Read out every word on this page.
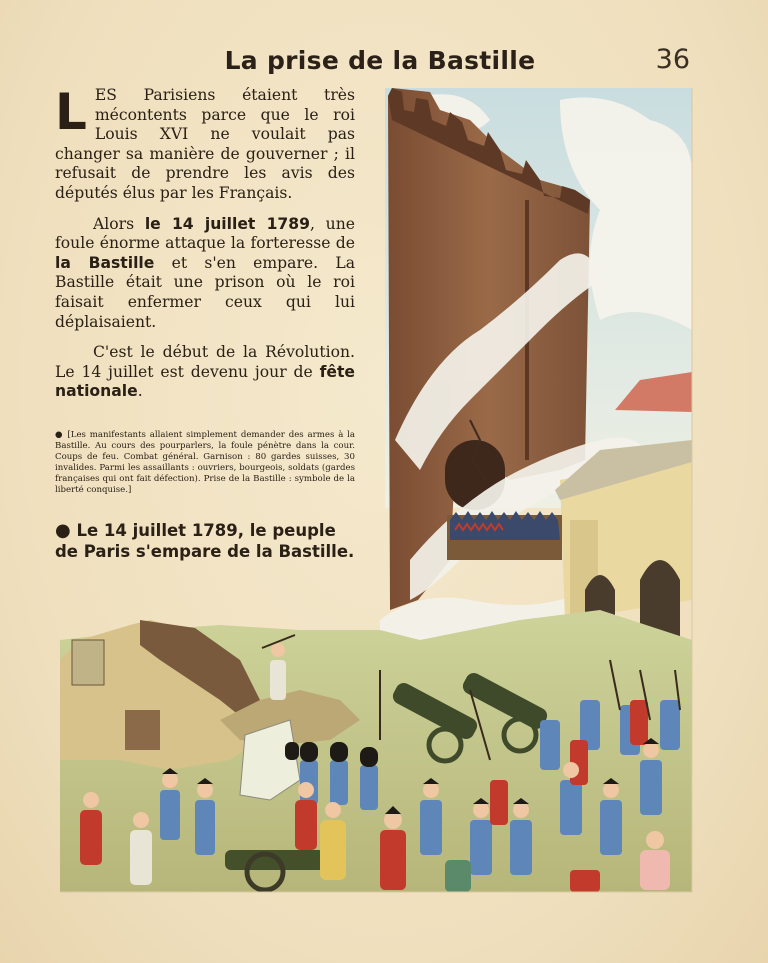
La prise de la Bastille	36

LES Parisiens étaient très mécontents parce que le roi Louis XVI ne voulait pas changer sa manière de gouverner ; il refusait de prendre les avis des députés élus par les Français.

Alors le 14 juillet 1789, une foule énorme attaque la forteresse de la Bastille et s'en empare. La Bastille était une prison où le roi faisait enfermer ceux qui lui déplaisaient.

C'est le début de la Révolution. Le 14 juillet est devenu jour de fête nationale.

● [Les manifestants allaient simplement demander des armes à la Bastille. Au cours des pourparlers, la foule pénètre dans la cour. Coups de feu. Combat général. Garnison : 80 gardes suisses, 30 invalides. Parmi les assaillants : ouvriers, bourgeois, soldats (gardes françaises qui ont fait défection). Prise de la Bastille : symbole de la liberté conquise.]

● Le 14 juillet 1789, le peuple de Paris s'empare de la Bastille.
